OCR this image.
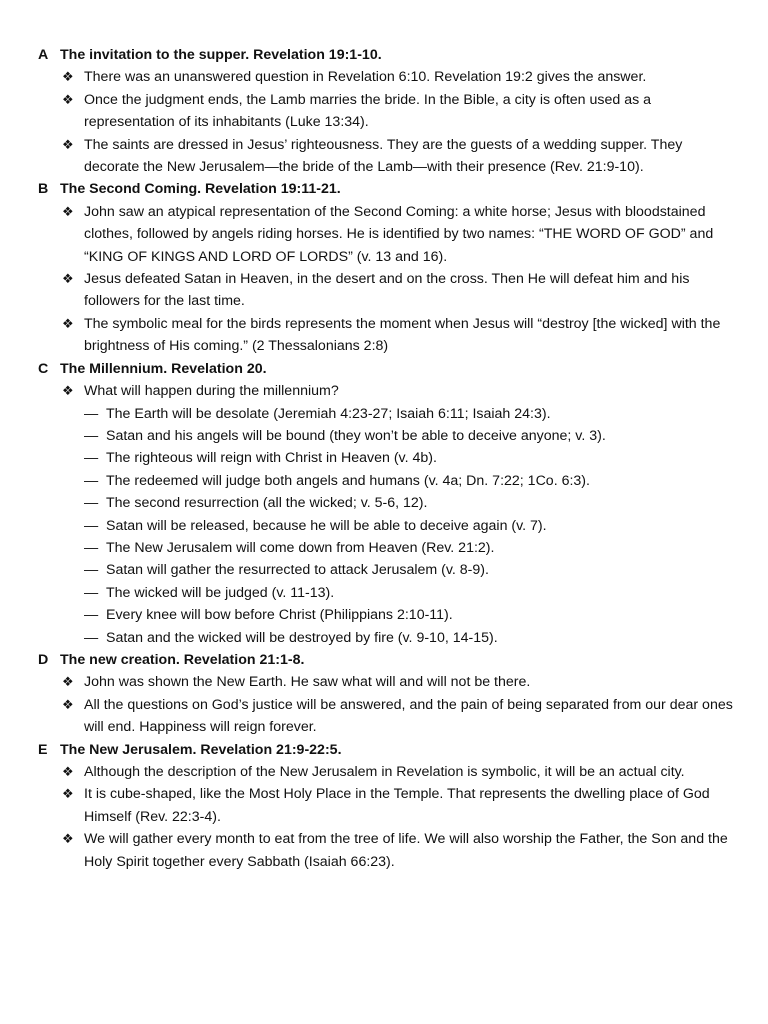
A The invitation to the supper. Revelation 19:1-10.
❖ There was an unanswered question in Revelation 6:10. Revelation 19:2 gives the answer.
❖ Once the judgment ends, the Lamb marries the bride. In the Bible, a city is often used as a representation of its inhabitants (Luke 13:34).
❖ The saints are dressed in Jesus’ righteousness. They are the guests of a wedding supper. They decorate the New Jerusalem—the bride of the Lamb—with their presence (Rev. 21:9-10).
B The Second Coming. Revelation 19:11-21.
❖ John saw an atypical representation of the Second Coming: a white horse; Jesus with bloodstained clothes, followed by angels riding horses. He is identified by two names: “THE WORD OF GOD” and “KING OF KINGS AND LORD OF LORDS” (v. 13 and 16).
❖ Jesus defeated Satan in Heaven, in the desert and on the cross. Then He will defeat him and his followers for the last time.
❖ The symbolic meal for the birds represents the moment when Jesus will “destroy [the wicked] with the brightness of His coming.” (2 Thessalonians 2:8)
C The Millennium. Revelation 20.
❖ What will happen during the millennium?
— The Earth will be desolate (Jeremiah 4:23-27; Isaiah 6:11; Isaiah 24:3).
— Satan and his angels will be bound (they won’t be able to deceive anyone; v. 3).
— The righteous will reign with Christ in Heaven (v. 4b).
— The redeemed will judge both angels and humans (v. 4a; Dn. 7:22; 1Co. 6:3).
— The second resurrection (all the wicked; v. 5-6, 12).
— Satan will be released, because he will be able to deceive again (v. 7).
— The New Jerusalem will come down from Heaven (Rev. 21:2).
— Satan will gather the resurrected to attack Jerusalem (v. 8-9).
— The wicked will be judged (v. 11-13).
— Every knee will bow before Christ (Philippians 2:10-11).
— Satan and the wicked will be destroyed by fire (v. 9-10, 14-15).
D The new creation. Revelation 21:1-8.
❖ John was shown the New Earth. He saw what will and will not be there.
❖ All the questions on God’s justice will be answered, and the pain of being separated from our dear ones will end. Happiness will reign forever.
E The New Jerusalem. Revelation 21:9-22:5.
❖ Although the description of the New Jerusalem in Revelation is symbolic, it will be an actual city.
❖ It is cube-shaped, like the Most Holy Place in the Temple. That represents the dwelling place of God Himself (Rev. 22:3-4).
❖ We will gather every month to eat from the tree of life. We will also worship the Father, the Son and the Holy Spirit together every Sabbath (Isaiah 66:23).
